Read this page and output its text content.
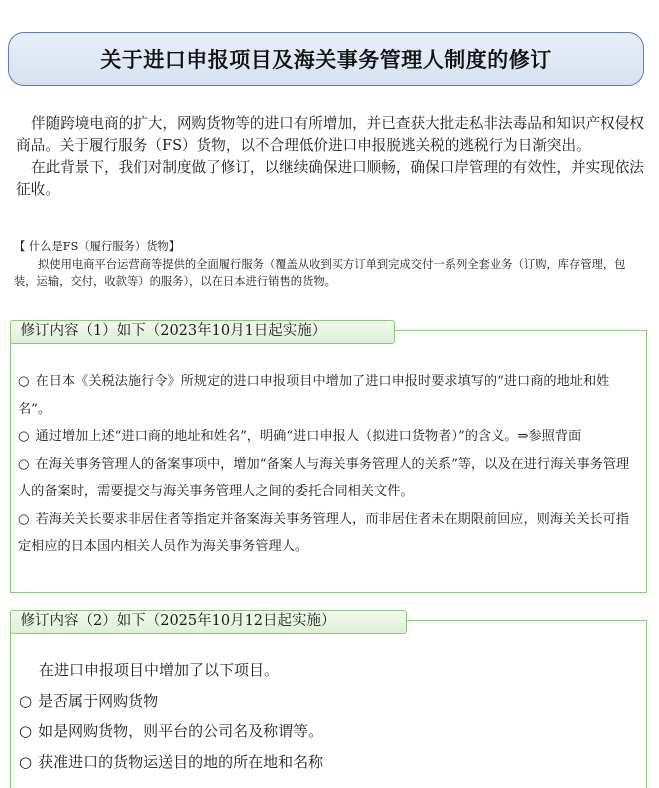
关于进口申报项目及海关事务管理人制度的修订

伴随跨境电商的扩大，网购货物等的进口有所增加，并已查获大批走私非法毒品和知识产权侵权商品。关于履行服务（FS）货物，以不合理低价进口申报脱逃关税的逃税行为日渐突出。

在此背景下，我们对制度做了修订，以继续确保进口顺畅，确保口岸管理的有效性，并实现依法征收。

【 什么是FS（履行服务）货物】

拟使用电商平台运营商等提供的全面履行服务（覆盖从收到买方订单到完成交付一系列全套业务（订购，库存管理，包装，运输，交付，收款等）的服务），以在日本进行销售的货物。

修订内容（1）如下（2023年10月1日起实施）

○ 在日本《关税法施行令》所规定的进口申报项目中增加了进口申报时要求填写的“进口商的地址和姓名”。

○ 通过增加上述“进口商的地址和姓名”，明确“进口申报人（拟进口货物者）”的含义。⇒参照背面

○ 在海关事务管理人的备案事项中，增加“备案人与海关事务管理人的关系”等，以及在进行海关事务管理人的备案时，需要提交与海关事务管理人之间的委托合同相关文件。

○ 若海关关长要求非居住者等指定并备案海关事务管理人，而非居住者未在期限前回应，则海关关长可指定相应的日本国内相关人员作为海关事务管理人。

修订内容（2）如下（2025年10月12日起实施）

在进口申报项目中增加了以下项目。

○ 是否属于网购货物

○ 如是网购货物，则平台的公司名及称谓等。

○ 获准进口的货物运送目的地的所在地和名称
